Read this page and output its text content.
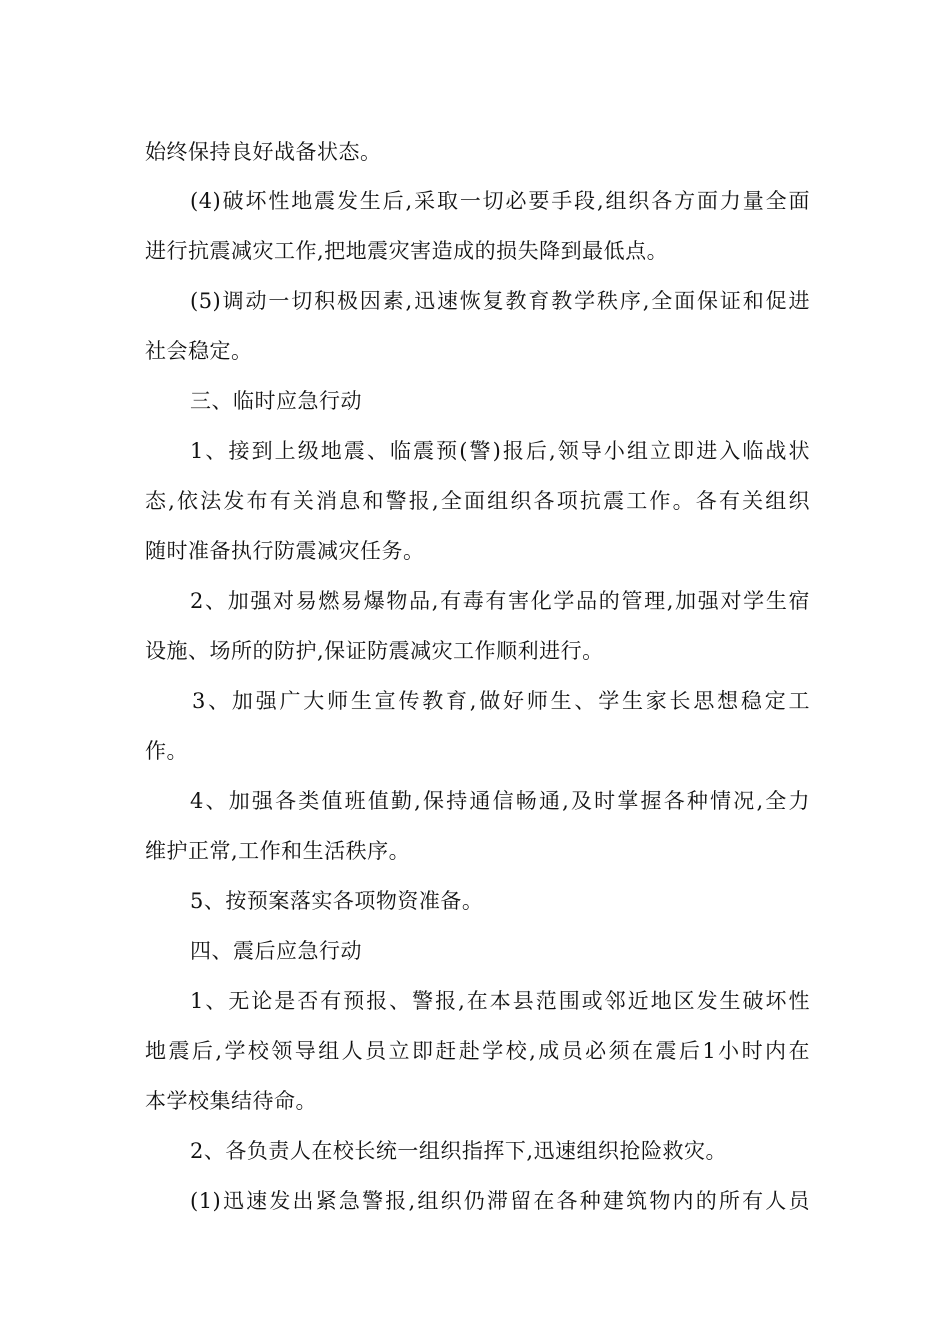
始终保持良好战备状态。
(4)破坏性地震发生后,采取一切必要手段,组织各方面力量全面
进行抗震减灾工作,把地震灾害造成的损失降到最低点。
(5)调动一切积极因素,迅速恢复教育教学秩序,全面保证和促进
社会稳定。
三、临时应急行动
1、接到上级地震、临震预(警)报后,领导小组立即进入临战状
态,依法发布有关消息和警报,全面组织各项抗震工作。各有关组织
随时准备执行防震减灾任务。
2、加强对易燃易爆物品,有毒有害化学品的管理,加强对学生宿
设施、场所的防护,保证防震减灾工作顺利进行。
3、加强广大师生宣传教育,做好师生、学生家长思想稳定工
作。
4、加强各类值班值勤,保持通信畅通,及时掌握各种情况,全力
维护正常,工作和生活秩序。
5、按预案落实各项物资准备。
四、震后应急行动
1、无论是否有预报、警报,在本县范围或邻近地区发生破坏性
地震后,学校领导组人员立即赶赴学校,成员必须在震后1小时内在
本学校集结待命。
2、各负责人在校长统一组织指挥下,迅速组织抢险救灾。
(1)迅速发出紧急警报,组织仍滞留在各种建筑物内的所有人员
